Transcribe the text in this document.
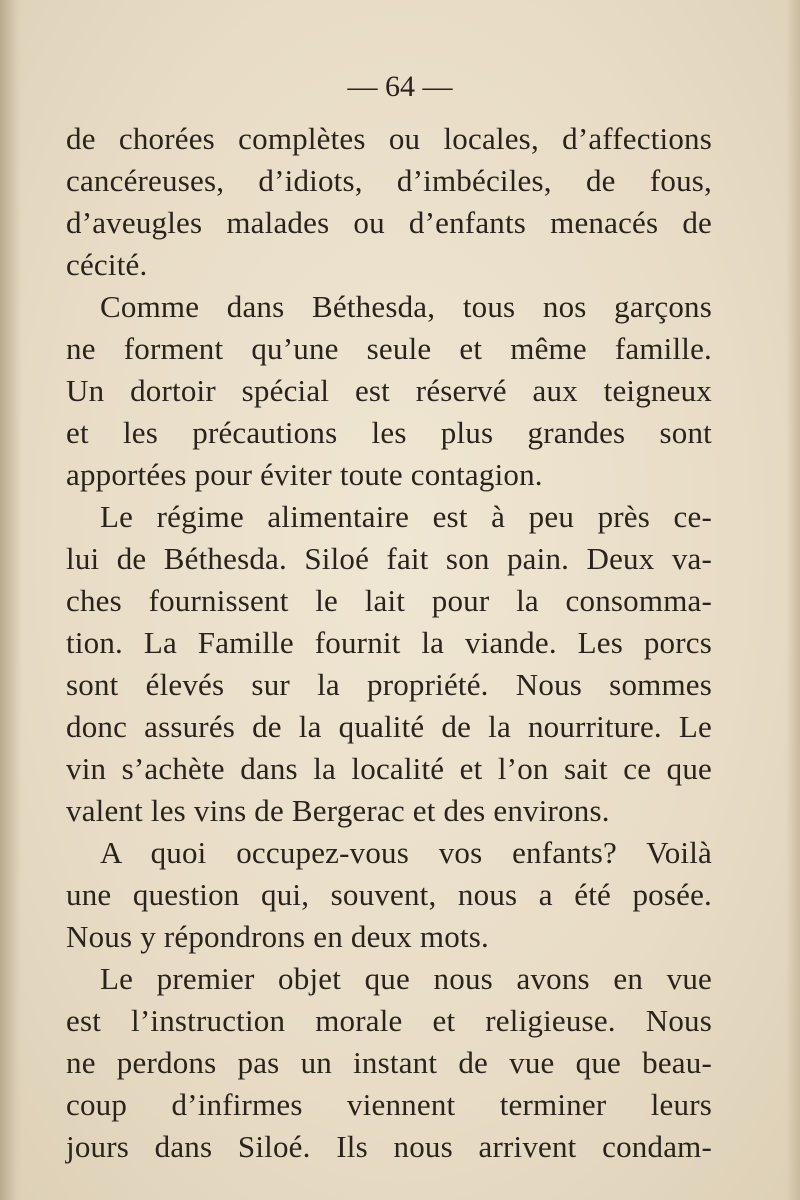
— 64 —
de chorées complètes ou locales, d’affections
cancéreuses, d’idiots, d’imbéciles, de fous,
d’aveugles malades ou d’enfants menacés de
cécité.
Comme dans Béthesda, tous nos garçons
ne forment qu’une seule et même famille.
Un dortoir spécial est réservé aux teigneux
et les précautions les plus grandes sont
apportées pour éviter toute contagion.
Le régime alimentaire est à peu près ce-
lui de Béthesda. Siloé fait son pain. Deux va-
ches fournissent le lait pour la consomma-
tion. La Famille fournit la viande. Les porcs
sont élevés sur la propriété. Nous sommes
donc assurés de la qualité de la nourriture. Le
vin s’achète dans la localité et l’on sait ce que
valent les vins de Bergerac et des environs.
A quoi occupez-vous vos enfants? Voilà
une question qui, souvent, nous a été posée.
Nous y répondrons en deux mots.
Le premier objet que nous avons en vue
est l’instruction morale et religieuse. Nous
ne perdons pas un instant de vue que beau-
coup d’infirmes viennent terminer leurs
jours dans Siloé. Ils nous arrivent condam-
